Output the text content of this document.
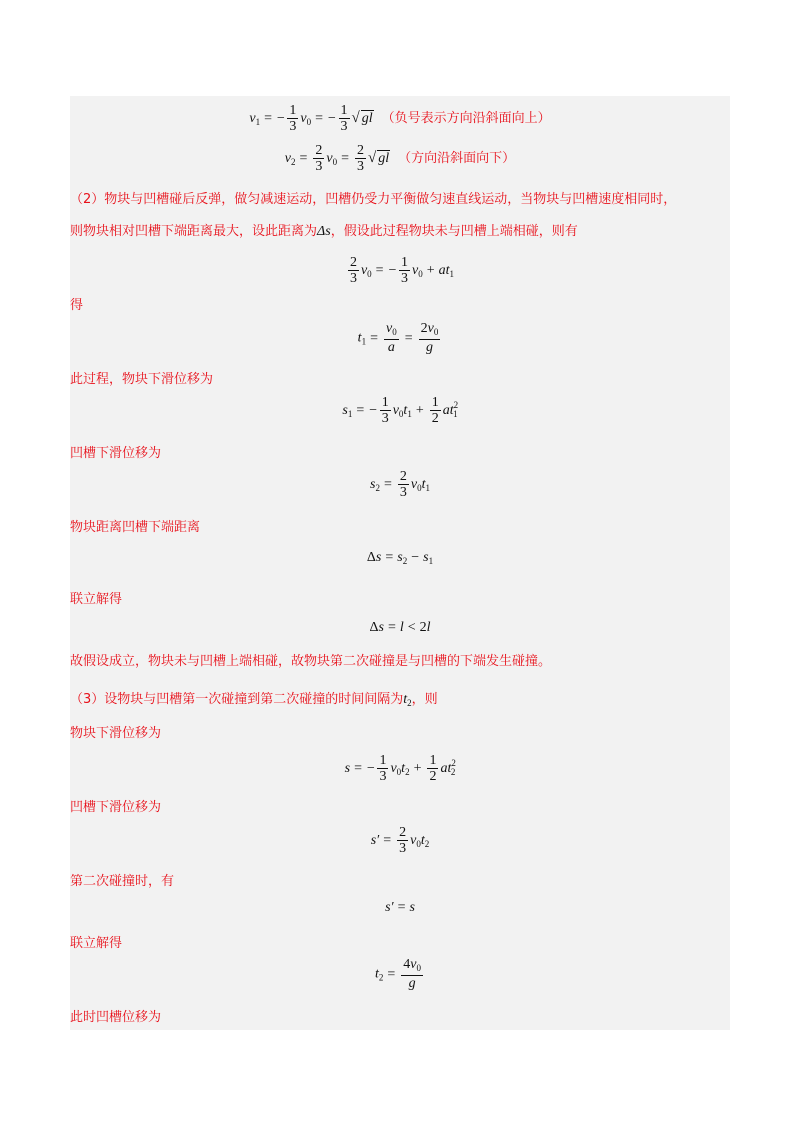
$v_1$ = − $\frac{1}{3} v_0$ = − $\frac{1}{3}$ √ gl （负号表示方向沿斜面向上）
$v_2 = \frac{2}{3} v_0 = \frac{2}{3}$ √ gl （方向沿斜面向下）
（2）物块与凹槽碰后反弹，做匀减速运动，凹槽仍受力平衡做匀速直线运动，当物块与凹槽速度相同时，
则物块相对凹槽下端距离最大，设此距离为Δs，假设此过程物块未与凹槽上端相碰，则有
$\frac{2}{3} v_0$ = − $\frac{1}{3} v_0 + at_1$
得
$t_1 = \frac{v_0}{a} = \frac{2v_0}{g}$
此过程，物块下滑位移为
$s_1$ = − $\frac{1}{3} v_0t_1 + \frac{1}{2} at^2_1$
凹槽下滑位移为
$s_2 = \frac{2}{3} v_0t_1$
物块距离凹槽下端距离
$\Delta s = s_2 - s_1$
联立解得
Δs = l < 2l
故假设成立，物块未与凹槽上端相碰，故物块第二次碰撞是与凹槽的下端发生碰撞。
（3）设物块与凹槽第一次碰撞到第二次碰撞的时间间隔为$t_2$，则
物块下滑位移为
s = − $\frac{1}{3} v_0t_2 + \frac{1}{2} at^2_2$
凹槽下滑位移为
$s' = \frac{2}{3} v_0t_2$
第二次碰撞时，有
s′ = s
联立解得
$t_2 = \frac{4v_0}{g}$
此时凹槽位移为
